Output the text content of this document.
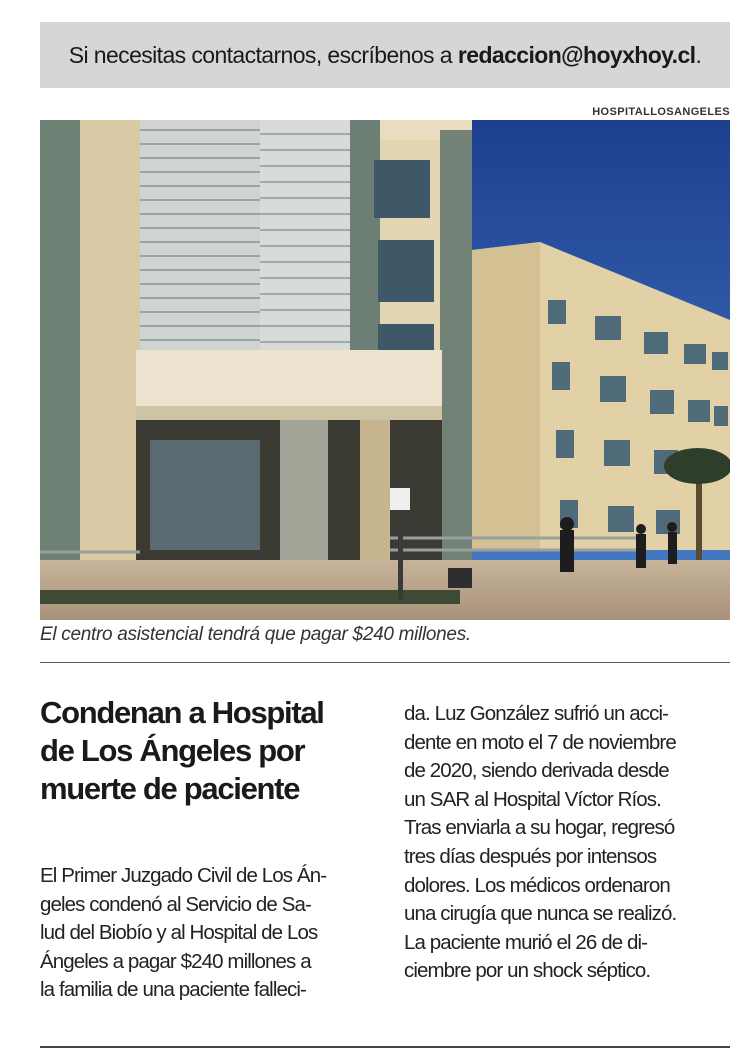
Si necesitas contactarnos, escríbenos a redaccion@hoyxhoy.cl .
HOSPITALLOSANGELES
El centro asistencial tendrá que pagar $240 millones.
Condenan a Hospital
de Los Ángeles por
muerte de paciente
El Primer Juzgado Civil de Los Án-
geles condenó al Servicio de Sa-
lud del Biobío y al Hospital de Los
Ángeles a pagar $240 millones a
la familia de una paciente falleci-
da. Luz González sufrió un acci-
dente en moto el 7 de noviembre
de 2020, siendo derivada desde
un SAR al Hospital Víctor Ríos.
Tras enviarla a su hogar, regresó
tres días después por intensos
dolores. Los médicos ordenaron
una cirugía que nunca se realizó.
La paciente murió el 26 de di-
ciembre por un shock séptico.
